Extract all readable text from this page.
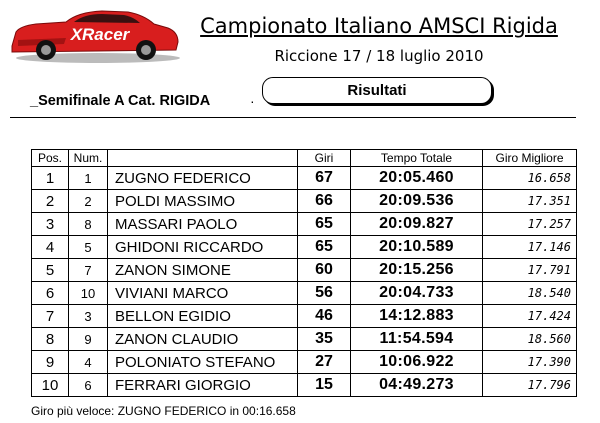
XRacer	Campionato Italiano AMSCI Rigida
Riccione 17 / 18 luglio 2010
_Semifinale A Cat. RIGIDA	·
Risultati
Pos.	Num.		Giri	Tempo Totale	Giro Migliore
1	1	ZUGNO FEDERICO	67	20:05.460	16.658
2	2	POLDI MASSIMO	66	20:09.536	17.351
3	8	MASSARI PAOLO	65	20:09.827	17.257
4	5	GHIDONI RICCARDO	65	20:10.589	17.146
5	7	ZANON SIMONE	60	20:15.256	17.791
6	10	VIVIANI MARCO	56	20:04.733	18.540
7	3	BELLON EGIDIO	46	14:12.883	17.424
8	9	ZANON CLAUDIO	35	11:54.594	18.560
9	4	POLONIATO STEFANO	27	10:06.922	17.390
10	6	FERRARI GIORGIO	15	04:49.273	17.796
Giro più veloce: ZUGNO FEDERICO in 00:16.658
